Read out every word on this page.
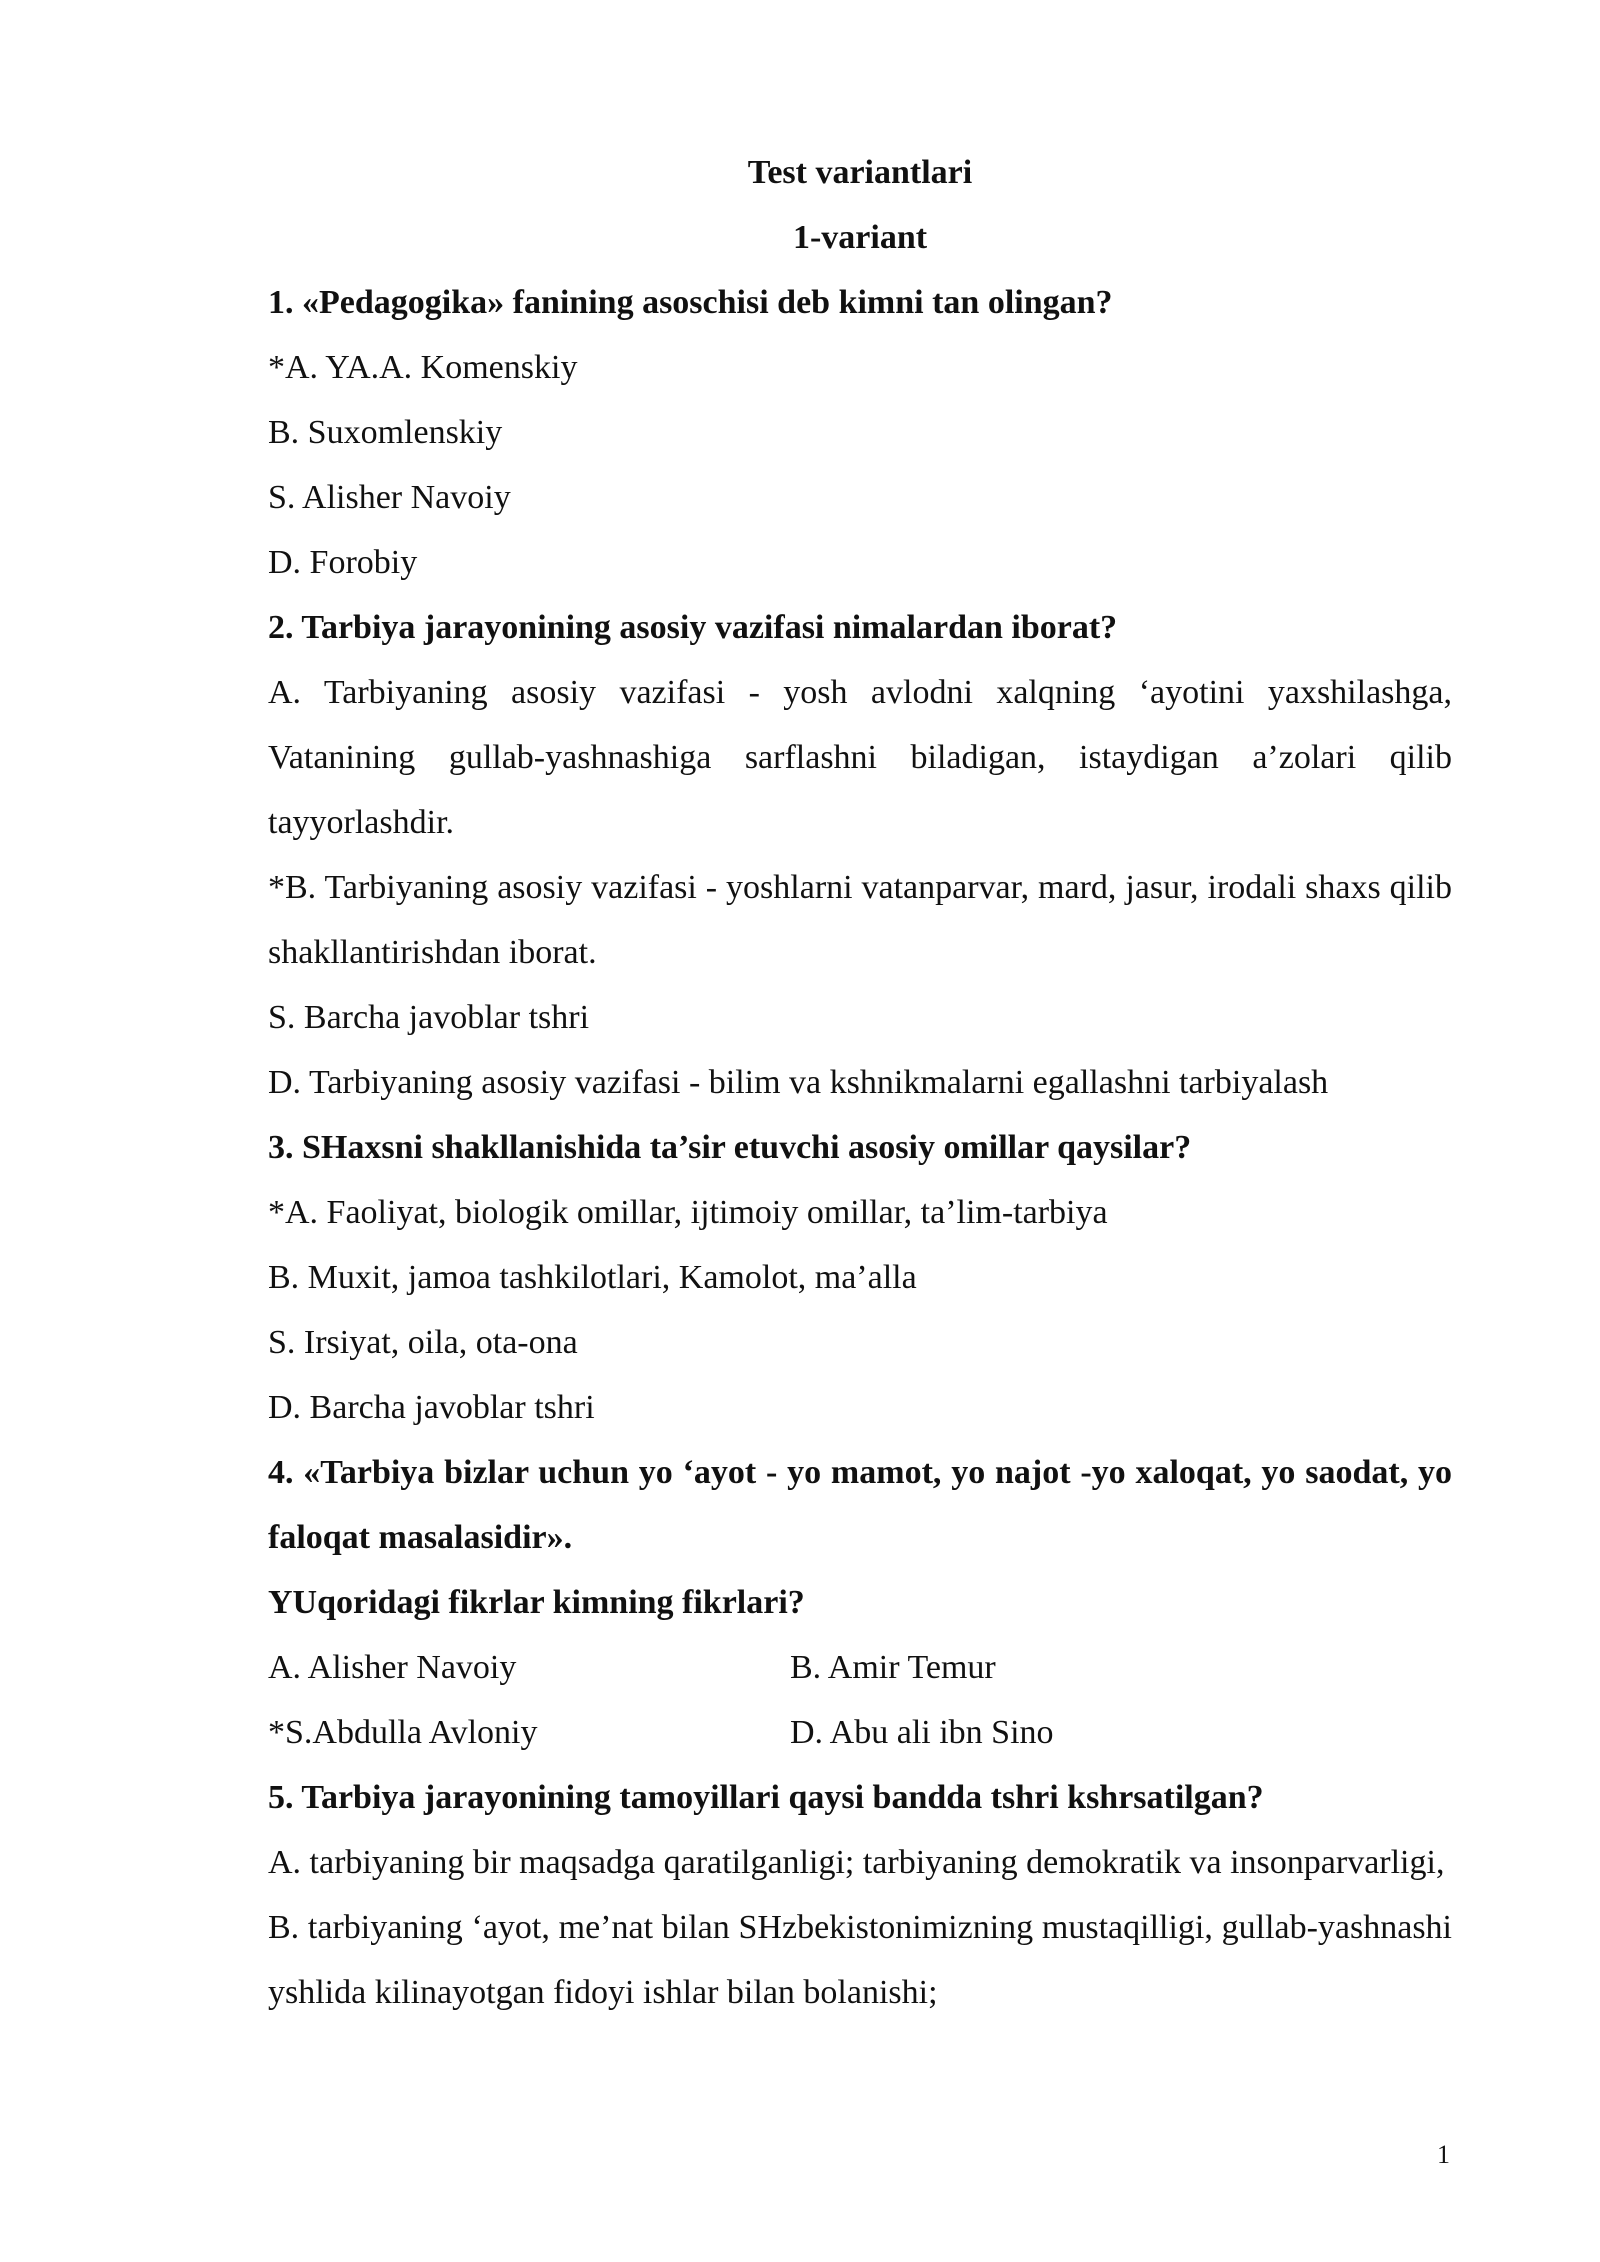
Test variantlari
1-variant
1. «Pedagogika» fanining asoschisi deb kimni tan olingan?
*A. YA.A. Komenskiy
B. Suxomlenskiy
S. Alisher Navoiy
D. Forobiy
2. Tarbiya jarayonining asosiy vazifasi nimalardan iborat?
A. Tarbiyaning asosiy vazifasi - yosh avlodni xalqning ‘ayotini yaxshilashga, Vatanining gullab-yashnashiga sarflashni biladigan, istaydigan a’zolari qilib tayyorlashdir.
*B. Tarbiyaning asosiy vazifasi - yoshlarni vatanparvar, mard, jasur, irodali shaxs qilib shakllantirishdan iborat.
S. Barcha javoblar tshri
D. Tarbiyaning asosiy vazifasi - bilim va kshnikmalarni egallashni tarbiyalash
3. SHaxsni shakllanishida ta’sir etuvchi asosiy omillar qaysilar?
*A. Faoliyat, biologik omillar, ijtimoiy omillar, ta’lim-tarbiya
B. Muxit, jamoa tashkilotlari, Kamolot, ma’alla
S. Irsiyat, oila, ota-ona
D. Barcha javoblar tshri
4. «Tarbiya bizlar uchun yo ‘ayot - yo mamot, yo najot -yo xaloqat, yo saodat, yo faloqat masalasidir».
YUqoridagi fikrlar kimning fikrlari?
A. Alisher Navoiy	B. Amir Temur
*S.Abdulla Avloniy	D. Abu ali ibn Sino
5. Tarbiya jarayonining tamoyillari qaysi bandda tshri kshrsatilgan?
A. tarbiyaning bir maqsadga qaratilganligi; tarbiyaning demokratik va insonparvarligi,
B. tarbiyaning ‘ayot, me’nat bilan SHzbekistonimizning mustaqilligi, gullab-yashnashi yshlida kilinayotgan fidoyi ishlar bilan bolanishi;
1
